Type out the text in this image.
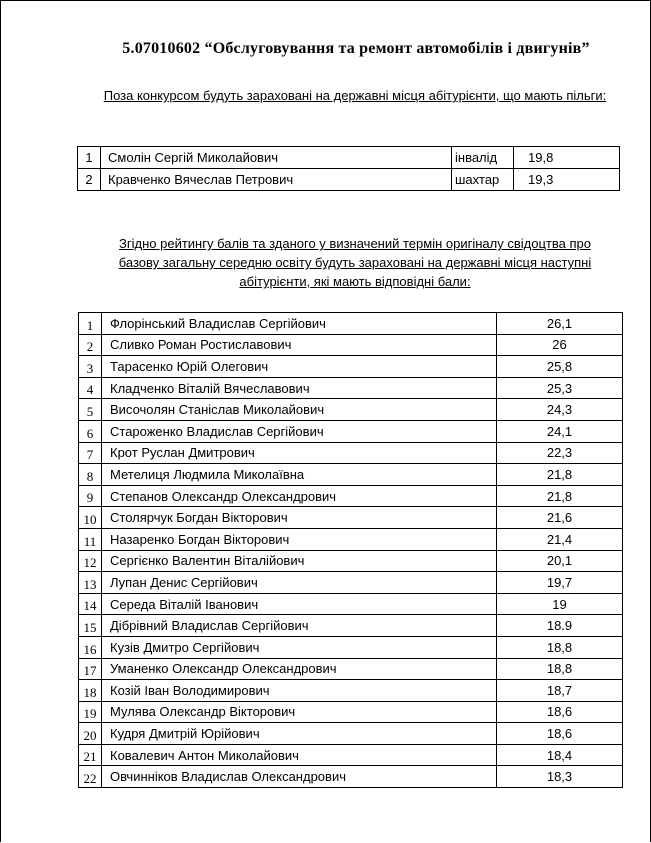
5.07010602 “Обслуговування та ремонт автомобілів і двигунів”
Поза конкурсом будуть зараховані на державні місця абітурієнти, що мають пільги:
1	Смолін Сергій Миколайович	інвалід	19,8
2	Кравченко Вячеслав Петрович	шахтар	19,3
Згідно рейтингу балів та зданого у визначений термін оригіналу свідоцтва про базову загальну середню освіту будуть зараховані на державні місця наступні абітурієнти, які мають відповідні бали:
1	Флорінський Владислав Сергійович	26,1
2	Сливко Роман Ростиславович	26
3	Тарасенко Юрій Олегович	25,8
4	Кладченко Віталій Вячеславович	25,3
5	Височолян Станіслав Миколайович	24,3
6	Староженко Владислав Сергійович	24,1
7	Крот Руслан Дмитрович	22,3
8	Метелиця Людмила Миколаївна	21,8
9	Степанов Олександр Олександрович	21,8
10	Столярчук Богдан Вікторович	21,6
11	Назаренко Богдан Вікторович	21,4
12	Сергієнко Валентин Віталійович	20,1
13	Лупан Денис Сергійович	19,7
14	Середа Віталій Іванович	19
15	Дібрівний Владислав Сергійович	18.9
16	Кузів Дмитро Сергійович	18,8
17	Уманенко Олександр Олександрович	18,8
18	Козій Іван Володимирович	18,7
19	Мулява Олександр Вікторович	18,6
20	Кудря Дмитрій Юрійович	18,6
21	Ковалевич Антон Миколайович	18,4
22	Овчинніков Владислав Олександрович	18,3
